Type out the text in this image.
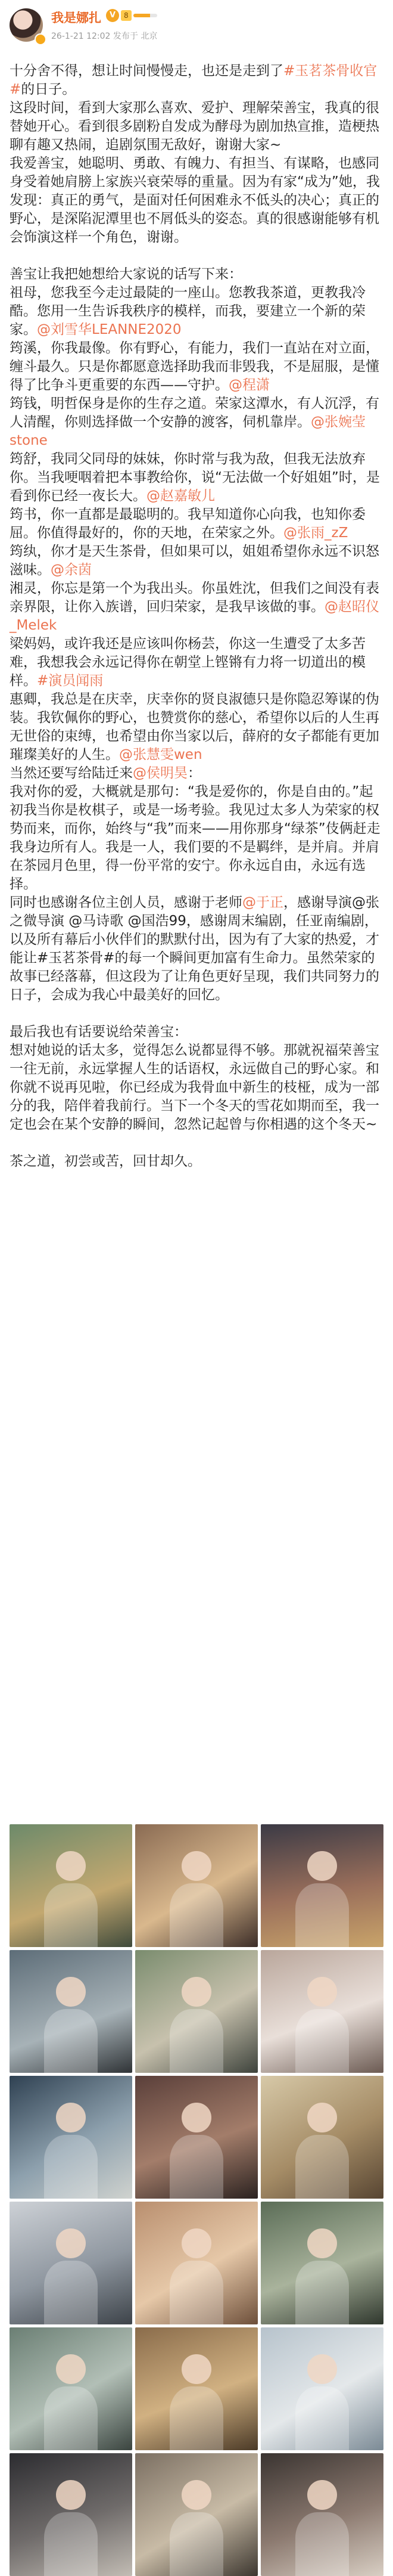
我是娜扎	V	8
26-1-21 12:02 发布于 北京

十分舍不得，想让时间慢慢走，也还是走到了#玉茗茶骨收官#的日子。

这段时间，看到大家那么喜欢、爱护、理解荣善宝，我真的很替她开心。看到很多剧粉自发成为酵母为剧加热宣推，造梗热聊有趣又热闹，追剧氛围无敌好，谢谢大家~

我爱善宝，她聪明、勇敢、有魄力、有担当、有谋略，也感同身受着她肩膀上家族兴衰荣辱的重量。因为有家“成为”她，我发现：真正的勇气，是面对任何困难永不低头的决心；真正的野心，是深陷泥潭里也不屑低头的姿态。真的很感谢能够有机会饰演这样一个角色，谢谢。

善宝让我把她想给大家说的话写下来：

祖母，您我至今走过最陡的一座山。您教我茶道，更教我冷酷。您用一生告诉我秩序的模样，而我，要建立一个新的荣家。@刘雪华LEANNE2020

筠溪，你我最像。你有野心，有能力，我们一直站在对立面，缠斗最久。只是你都愿意选择助我而非毁我，不是屈服，是懂得了比争斗更重要的东西——守护。@程潇

筠钱，明哲保身是你的生存之道。荣家这潭水，有人沉浮，有人清醒，你则选择做一个安静的渡客，伺机靠岸。@张婉莹stone

筠舒，我同父同母的妹妹，你时常与我为敌，但我无法放弃你。当我哽咽着把本事教给你，说“无法做一个好姐姐”时，是看到你已经一夜长大。@赵嘉敏儿

筠书，你一直都是最聪明的。我早知道你心向我，也知你委屈。你值得最好的，你的天地，在荣家之外。@张雨_zZ

筠纨，你才是天生茶骨，但如果可以，姐姐希望你永远不识怒滋味。@余茵

湘灵，你忘是第一个为我出头。你虽姓沈，但我们之间没有表亲界限，让你入族谱，回归荣家，是我早该做的事。@赵昭仪_Melek

梁妈妈，或许我还是应该叫你杨芸，你这一生遭受了太多苦难，我想我会永远记得你在朝堂上铿锵有力将一切道出的模样。#演员闻雨

惠卿，我总是在庆幸，庆幸你的贤良淑德只是你隐忍筹谋的伪装。我钦佩你的野心，也赞赏你的慈心，希望你以后的人生再无世俗的束缚，也希望由你当家以后，薛府的女子都能有更加璀璨美好的人生。@张慧雯wen

当然还要写给陆迁来@侯明昊：

我对你的爱，大概就是那句：“我是爱你的，你是自由的。”起初我当你是枚棋子，或是一场考验。我见过太多人为荣家的权势而来，而你，始终与“我”而来——用你那身“绿茶”伎俩赶走我身边所有人。我是一人，我们要的不是羁绊，是并肩。并肩在茶园月色里，得一份平常的安宁。你永远自由，永远有选择。

同时也感谢各位主创人员，感谢于老师@于正，感谢导演@张之微导演 @马诗歌 @国浩99，感谢周末编剧，任亚南编剧，以及所有幕后小伙伴们的默默付出，因为有了大家的热爱，才能让#玉茗茶骨#的每一个瞬间更加富有生命力。虽然荣家的故事已经落幕，但这段为了让角色更好呈现，我们共同努力的日子，会成为我心中最美好的回忆。

最后我也有话要说给荣善宝：

想对她说的话太多，觉得怎么说都显得不够。那就祝福荣善宝一往无前，永远掌握人生的话语权，永远做自己的野心家。和你就不说再见啦，你已经成为我骨血中新生的枝桠，成为一部分的我，陪伴着我前行。当下一个冬天的雪花如期而至，我一定也会在某个安静的瞬间，忽然记起曾与你相遇的这个冬天~

茶之道，初尝或苦，回甘却久。
